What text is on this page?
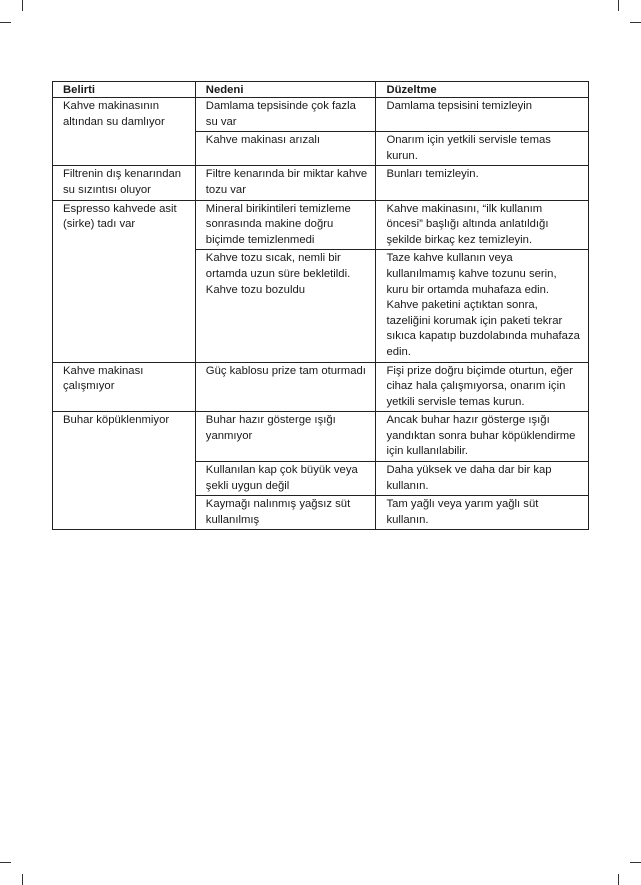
Belirti	Nedeni	Düzeltme
Kahve makinasının altından su damlıyor	Damlama tepsisinde çok fazla su var	Damlama tepsisini temizleyin
	Kahve makinası arızalı	Onarım için yetkili servisle temas kurun.
Filtrenin dış kenarından su sızıntısı oluyor	Filtre kenarında bir miktar kahve tozu var	Bunları temizleyin.
Espresso kahvede asit (sirke) tadı var	Mineral birikintileri temizleme sonrasında makine doğru biçimde temizlenmedi	Kahve makinasını, “ilk kullanım öncesi” başlığı altında anlatıldığı şekilde birkaç kez temizleyin.
	Kahve tozu sıcak, nemli bir ortamda uzun süre bekletildi. Kahve tozu bozuldu	Taze kahve kullanın veya kullanılmamış kahve tozunu serin, kuru bir ortamda muhafaza edin. Kahve paketini açtıktan sonra, tazeliğini korumak için paketi tekrar sıkıca kapatıp buzdolabında muhafaza edin.
Kahve makinası çalışmıyor	Güç kablosu prize tam oturmadı	Fişi prize doğru biçimde oturtun, eğer cihaz hala çalışmıyorsa, onarım için yetkili servisle temas kurun.
Buhar köpüklenmiyor	Buhar hazır gösterge ışığı yanmıyor	Ancak buhar hazır gösterge ışığı yandıktan sonra buhar köpüklendirme için kullanılabilir.
	Kullanılan kap çok büyük veya şekli uygun değil	Daha yüksek ve daha dar bir kap kullanın.
	Kaymağı nalınmış yağsız süt kullanılmış	Tam yağlı veya yarım yağlı süt kullanın.
